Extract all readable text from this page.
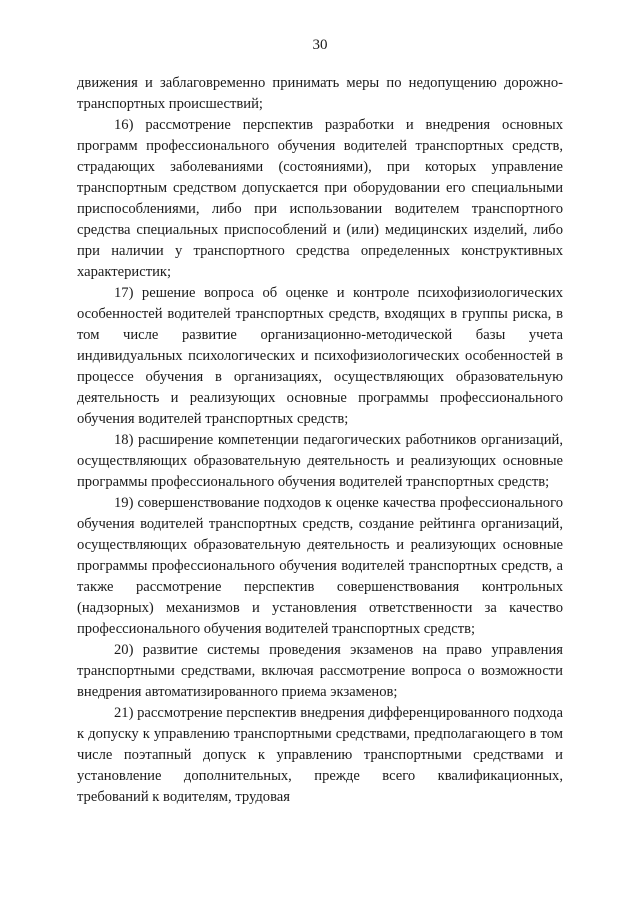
30

движения и заблаговременно принимать меры по недопущению дорожно-транспортных происшествий;

16) рассмотрение перспектив разработки и внедрения основных программ профессионального обучения водителей транспортных средств, страдающих заболеваниями (состояниями), при которых управление транспортным средством допускается при оборудовании его специальными приспособлениями, либо при использовании водителем транспортного средства специальных приспособлений и (или) медицинских изделий, либо при наличии у транспортного средства определенных конструктивных характеристик;

17) решение вопроса об оценке и контроле психофизиологических особенностей водителей транспортных средств, входящих в группы риска, в том числе развитие организационно-методической базы учета индивидуальных психологических и психофизиологических особенностей в процессе обучения в организациях, осуществляющих образовательную деятельность и реализующих основные программы профессионального обучения водителей транспортных средств;

18) расширение компетенции педагогических работников организаций, осуществляющих образовательную деятельность и реализующих основные программы профессионального обучения водителей транспортных средств;

19) совершенствование подходов к оценке качества профессионального обучения водителей транспортных средств, создание рейтинга организаций, осуществляющих образовательную деятельность и реализующих основные программы профессионального обучения водителей транспортных средств, а также рассмотрение перспектив совершенствования контрольных (надзорных) механизмов и установления ответственности за качество профессионального обучения водителей транспортных средств;

20) развитие системы проведения экзаменов на право управления транспортными средствами, включая рассмотрение вопроса о возможности внедрения автоматизированного приема экзаменов;

21) рассмотрение перспектив внедрения дифференцированного подхода к допуску к управлению транспортными средствами, предполагающего в том числе поэтапный допуск к управлению транспортными средствами и установление дополнительных, прежде всего квалификационных, требований к водителям, трудовая
